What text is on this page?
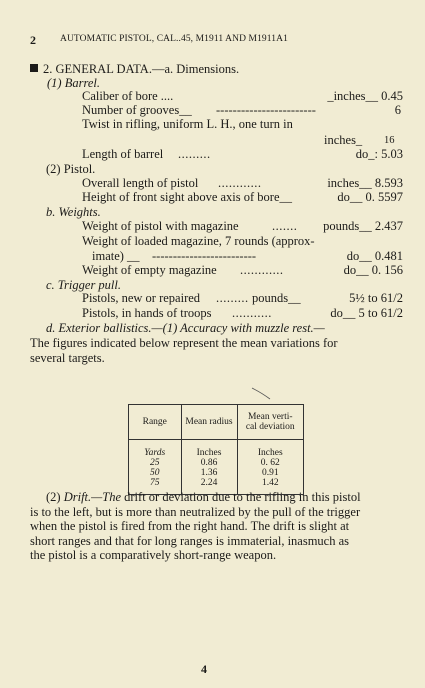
2	AUTOMATIC PISTOL, CAL..45, M1911 AND M1911A1
2. GENERAL DATA.—a. Dimensions.
(1) Barrel.
Caliber of bore ....	_inches__ 0.45
Number of grooves__ ------------------------	6
Twist in rifling, uniform L. H., one turn in
inches_ 16
Length of barrel .........	do_: 5.03
(2) Pistol.
Overall length of pistol ............	inches__ 8.593
Height of front sight above axis of bore__	do__ 0. 5597
b. Weights.
Weight of pistol with magazine	....... pounds__ 2.437
Weight of loaded magazine, 7 rounds (approx-
imate) __ -------------------------	do__ 0.481
Weight of empty magazine ............	do__ 0. 156
c. Trigger pull.
Pistols, new or repaired ......... pounds__	5½ to 61/2
Pistols, in hands of troops ...........	do__ 5 to 61/2
d. Exterior ballistics.—(1) Accuracy with muzzle rest.—
The figures indicated below represent the mean variations for several targets.
Range	Mean radius	Mean verti-
cal deviation
Yards	Inches	Inches
25	0.86	0. 62
50	1.36	0.91
75	2.24	1.42
(2) Drift.—The drift or deviation due to the rifling in this pistol is to the left, but is more than neutralized by the pull of the trigger when the pistol is fired from the right hand. The drift is slight at short ranges and that for long ranges is immaterial, inasmuch as the pistol is a comparatively short-range weapon.
4
